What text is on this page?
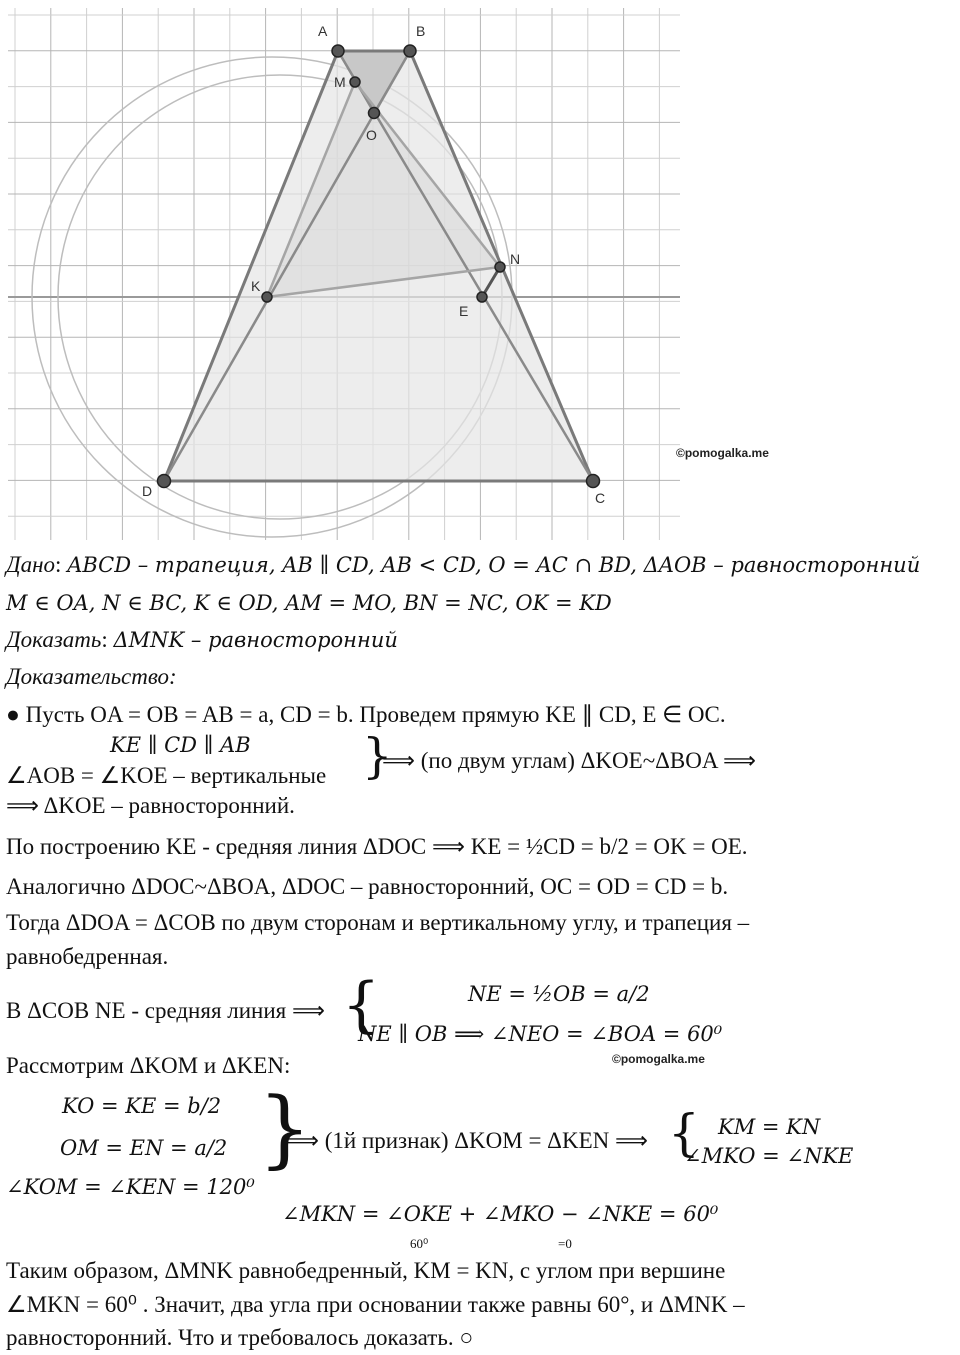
A	B
C
D
M
O
N
K
E
©pomogalka.me
Дано: ABCD – трапеция, AB ∥ CD, AB < CD, O = AC ∩ BD, ΔAOB – равносторонний
M ∈ OA, N ∈ BC, K ∈ OD, AM = MO, BN = NC, OK = KD
Доказать: ΔMNK – равносторонний
Доказательство:
● Пусть OA = OB = AB = a, CD = b. Проведем прямую KE ∥ CD, E ∈ OC.
KE ∥ CD ∥ AB
∠AOB = ∠KOE – вертикальные }
⟹ (по двум углам) ΔKOE~ΔBOA ⟹
⟹ ΔKOE – равносторонний.
По построению KE - средняя линия ΔDOC ⟹ KE = ½CD = b/2 = OK = OE.
Аналогично ΔDOC~ΔBOA, ΔDOC – равносторонний, OC = OD = CD = b.
Тогда ΔDOA = ΔCOB по двум сторонам и вертикальному углу, и трапеция –
равнобедренная.
В ΔCOB NE - средняя линия ⟹ {	NE = ½OB = a/2
NE ∥ OB ⟹ ∠NEO = ∠BOA = 60⁰
©pomogalka.me
Рассмотрим ΔKOM и ΔKEN:
KO = KE = b/2
OM = EN = a/2
∠KOM = ∠KEN = 120⁰
}
⟹ (1й признак) ΔKOM = ΔKEN ⟹ { KM = KN
∠MKO = ∠NKE
∠MKN = ∠OKE + ∠MKO − ∠NKE = 60⁰
60⁰	=0
Таким образом, ΔMNK равнобедренный, KM = KN, с углом при вершине
∠MKN = 60⁰ . Значит, два угла при основании также равны 60°, и ΔMNK –
равносторонний. Что и требовалось доказать. ○
